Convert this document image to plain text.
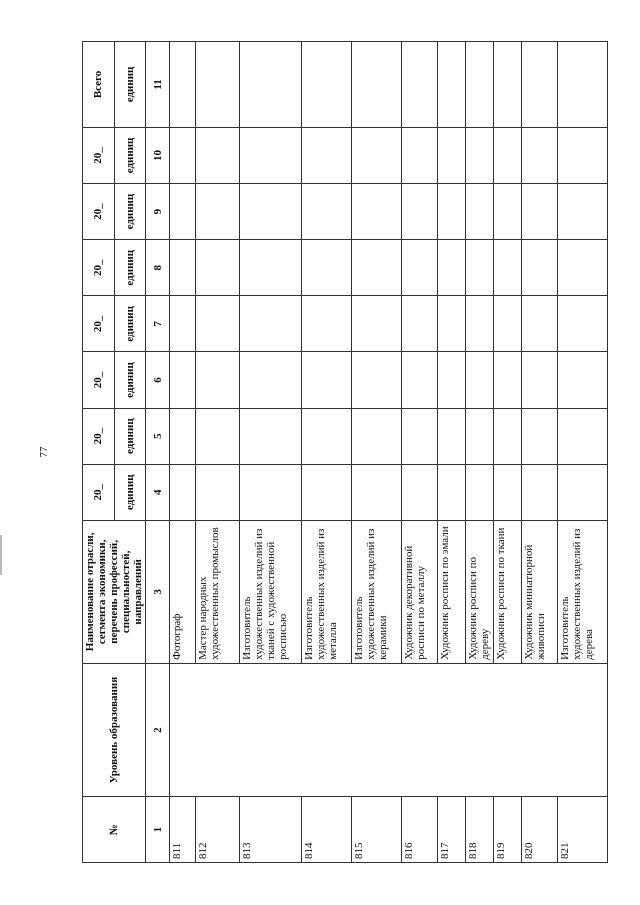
77
№	Уровень образования	Наименование отрасли, сегмента экономики, перечень профессий, специальностей, направлений	20_	20_	20_	20_	20_	20_	20_	Всего
			единиц	единиц	единиц	единиц	единиц	единиц	единиц	единиц
1	2	3	4	5	6	7	8	9	10	11
811		Фотограф								
812		Мастер народных художественных промыслов								
813		Изготовитель художественных изделий из тканей с художественной росписью								
814		Изготовитель художественных изделий из металла								
815		Изготовитель художественных изделий из керамики								
816		Художник декоративной росписи по металлу								
817		Художник росписи по эмали								
818		Художник росписи по дереву								
819		Художник росписи по ткани								
820		Художник миниатюрной живописи								
821		Изготовитель художественных изделий из дерева								
